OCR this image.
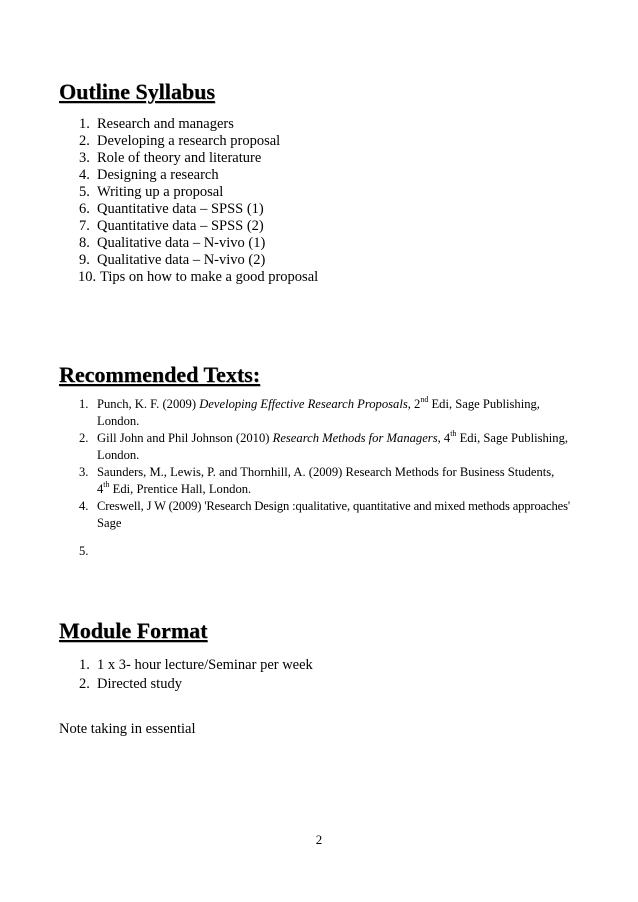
Outline Syllabus
1. Research and managers
2. Developing a research proposal
3. Role of theory and literature
4. Designing a research
5. Writing up a proposal
6. Quantitative data – SPSS (1)
7. Quantitative data – SPSS (2)
8. Qualitative data – N-vivo (1)
9. Qualitative data – N-vivo (2)
10. Tips on how to make a good proposal
Recommended Texts:
1. Punch, K. F. (2009) Developing Effective Research Proposals, 2nd Edi, Sage Publishing,
London.
2. Gill John and Phil Johnson (2010) Research Methods for Managers, 4th Edi, Sage Publishing,
London.
3. Saunders, M., Lewis, P. and Thornhill, A. (2009) Research Methods for Business Students,
4th Edi, Prentice Hall, London.
4. Creswell, J W (2009) 'Research Design :qualitative, quantitative and mixed methods approaches'
Sage
5.

Module Format
1. 1 x 3- hour lecture/Seminar per week
2. Directed study

Note taking in essential

2
